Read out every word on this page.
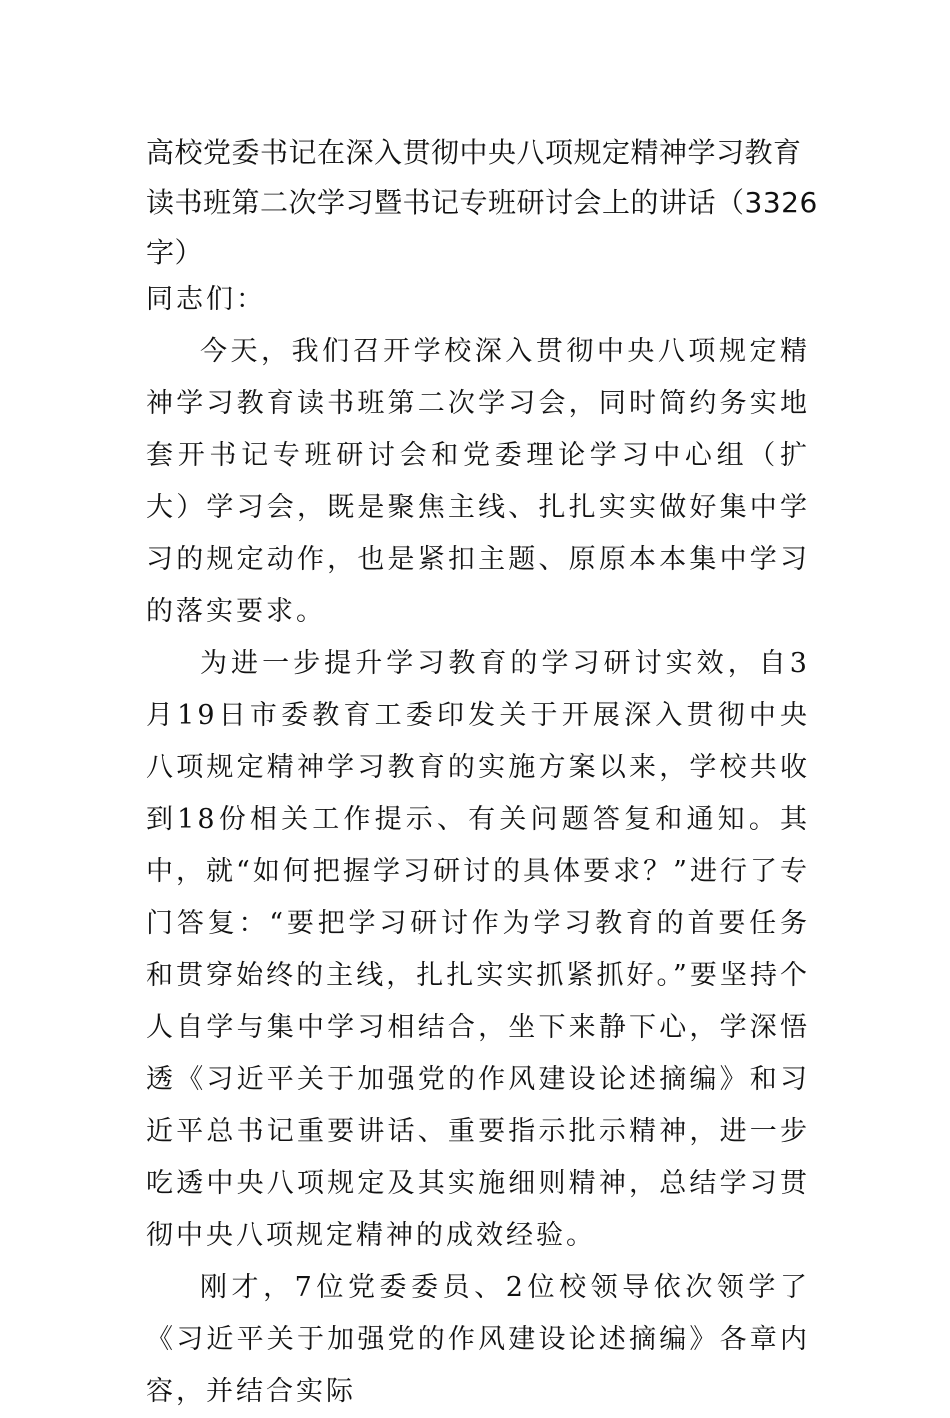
高校党委书记在深入贯彻中央八项规定精神学习教育读书班第二次学习暨书记专班研讨会上的讲话（3326字）

同志们：

今天，我们召开学校深入贯彻中央八项规定精神学习教育读书班第二次学习会，同时简约务实地套开书记专班研讨会和党委理论学习中心组（扩大）学习会，既是聚焦主线、扎扎实实做好集中学习的规定动作，也是紧扣主题、原原本本集中学习的落实要求。

为进一步提升学习教育的学习研讨实效，自3月19日市委教育工委印发关于开展深入贯彻中央八项规定精神学习教育的实施方案以来，学校共收到18份相关工作提示、有关问题答复和通知。其中，就“如何把握学习研讨的具体要求？”进行了专门答复：“要把学习研讨作为学习教育的首要任务和贯穿始终的主线，扎扎实实抓紧抓好。”要坚持个人自学与集中学习相结合，坐下来静下心，学深悟透《习近平关于加强党的作风建设论述摘编》和习近平总书记重要讲话、重要指示批示精神，进一步吃透中央八项规定及其实施细则精神，总结学习贯彻中央八项规定精神的成效经验。

刚才，7位党委委员、2位校领导依次领学了《习近平关于加强党的作风建设论述摘编》各章内容，并结合实际
